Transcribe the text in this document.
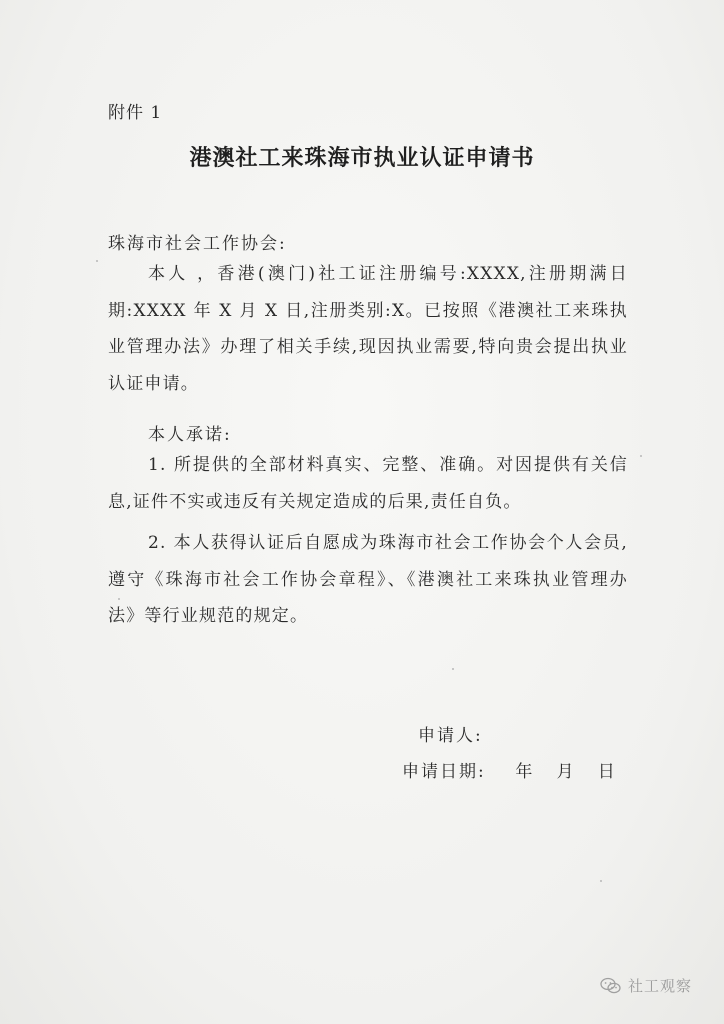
附件 1
港澳社工来珠海市执业认证申请书
珠海市社会工作协会:
本人 ，香港(澳门)社工证注册编号:XXXX,注册期满日期:XXXX 年 X 月 X 日,注册类别:X。已按照《港澳社工来珠执业管理办法》办理了相关手续,现因执业需要,特向贵会提出执业认证申请。
本人承诺:
1. 所提供的全部材料真实、完整、准确。对因提供有关信息,证件不实或违反有关规定造成的后果,责任自负。
2. 本人获得认证后自愿成为珠海市社会工作协会个人会员,遵守《珠海市社会工作协会章程》、《港澳社工来珠执业管理办法》等行业规范的规定。
申请人:
申请日期: 年 月 日
社工观察
